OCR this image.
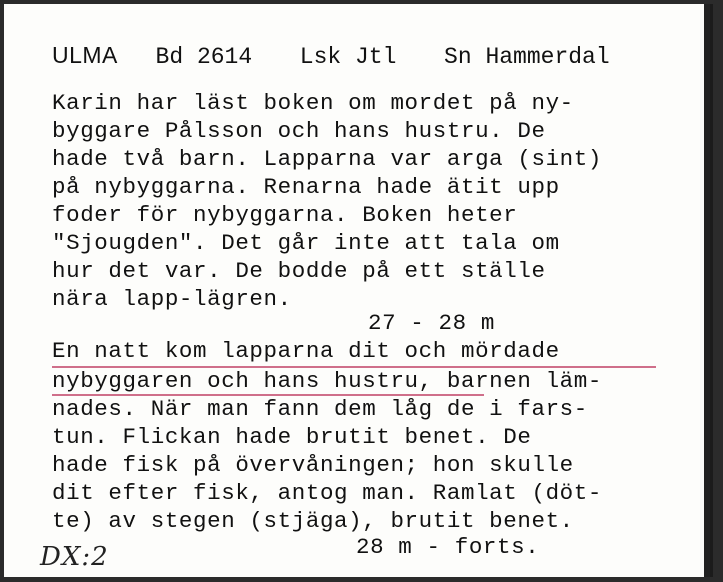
ULMA Bd 2614 Lsk Jtl Sn Hammerdal
Karin har läst boken om mordet på ny-
byggare Pålsson och hans hustru. De
hade två barn. Lapparna var arga (sint)
på nybyggarna. Renarna hade ätit upp
foder för nybyggarna. Boken heter
"Sjougden". Det går inte att tala om
hur det var. De bodde på ett ställe
nära lapp-lägren.
27 - 28 m
En natt kom lapparna dit och mördade
nybyggaren och hans hustru, barnen läm-
nades. När man fann dem låg de i fars-
tun. Flickan hade brutit benet. De
hade fisk på övervåningen; hon skulle
dit efter fisk, antog man. Ramlat (döt-
te) av stegen (stjäga), brutit benet.
28 m - forts.
DX:2
